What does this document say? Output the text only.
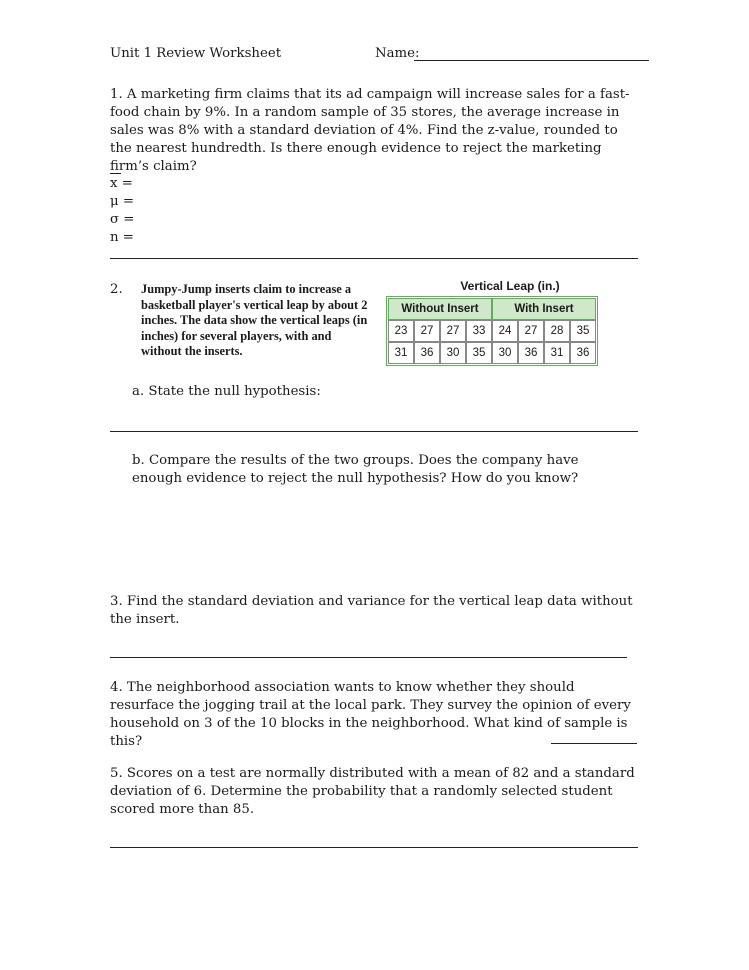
Unit 1 Review Worksheet	Name:
1. A marketing firm claims that its ad campaign will increase sales for a fast-food chain by 9%. In a random sample of 35 stores, the average increase in sales was 8% with a standard deviation of 4%. Find the z-value, rounded to the nearest hundredth. Is there enough evidence to reject the marketing firm’s claim?
x =
μ =
σ =
n =
2. Jumpy-Jump inserts claim to increase a basketball player's vertical leap by about 2 inches. The data show the vertical leaps (in inches) for several players, with and without the inserts.
Vertical Leap (in.)
Without Insert				With Insert			
23	27	27	33	24	27	28	35
31	36	30	35	30	36	31	36
a. State the null hypothesis:
b. Compare the results of the two groups. Does the company have enough evidence to reject the null hypothesis? How do you know?
3. Find the standard deviation and variance for the vertical leap data without the insert.
4. The neighborhood association wants to know whether they should resurface the jogging trail at the local park. They survey the opinion of every household on 3 of the 10 blocks in the neighborhood. What kind of sample is this?
5. Scores on a test are normally distributed with a mean of 82 and a standard deviation of 6. Determine the probability that a randomly selected student scored more than 85.
